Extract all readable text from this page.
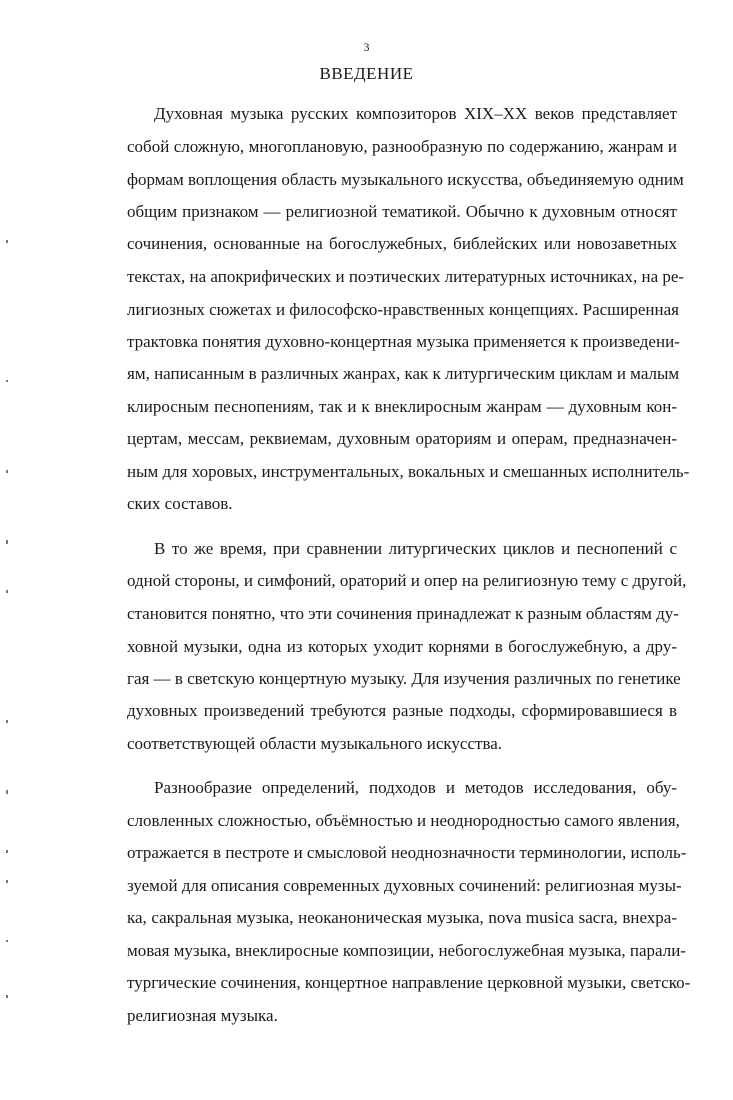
3
ВВЕДЕНИЕ
Духовная музыка русских композиторов XIX–XX веков представляет
собой сложную, многоплановую, разнообразную по содержанию, жанрам и
формам воплощения область музыкального искусства, объединяемую одним
общим признаком — религиозной тематикой. Обычно к духовным относят
сочинения, основанные на богослужебных, библейских или новозаветных
текстах, на апокрифических и поэтических литературных источниках, на ре-
лигиозных сюжетах и философско-нравственных концепциях. Расширенная
трактовка понятия духовно-концертная музыка применяется к произведени-
ям, написанным в различных жанрах, как к литургическим циклам и малым
клиросным песнопениям, так и к внеклиросным жанрам — духовным кон-
цертам, мессам, реквиемам, духовным ораториям и операм, предназначен-
ным для хоровых, инструментальных, вокальных и смешанных исполнитель-
ских составов.
В то же время, при сравнении литургических циклов и песнопений с
одной стороны, и симфоний, ораторий и опер на религиозную тему с другой,
становится понятно, что эти сочинения принадлежат к разным областям ду-
ховной музыки, одна из которых уходит корнями в богослужебную, а дру-
гая — в светскую концертную музыку. Для изучения различных по генетике
духовных произведений требуются разные подходы, сформировавшиеся в
соответствующей области музыкального искусства.
Разнообразие определений, подходов и методов исследования, обу-
словленных сложностью, объёмностью и неоднородностью самого явления,
отражается в пестроте и смысловой неоднозначности терминологии, исполь-
зуемой для описания современных духовных сочинений: религиозная музы-
ка, сакральная музыка, неоканоническая музыка, nova musica sacra, внехра-
мовая музыка, внеклиросные композиции, небогослужебная музыка, парали-
тургические сочинения, концертное направление церковной музыки, светско-
религиозная музыка.
